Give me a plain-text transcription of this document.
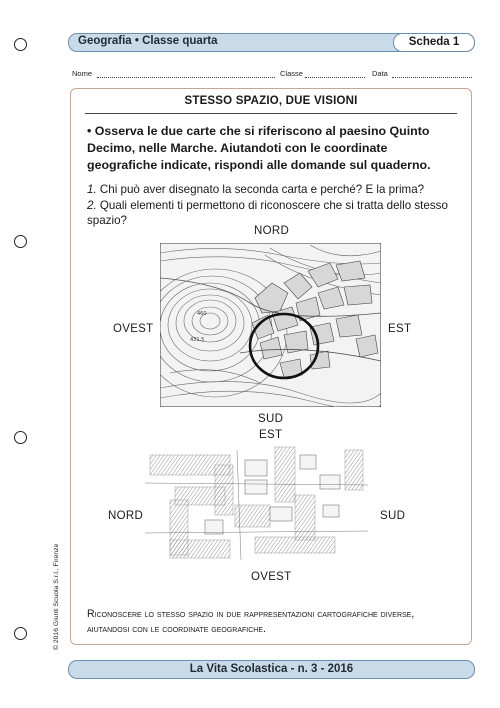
Geografia • Classe quarta	Scheda 1
Nome	Classe	Data
STESSO SPAZIO, DUE VISIONI
• Osserva le due carte che si riferiscono al paesino Quinto Decimo, nelle Marche. Aiutandoti con le coordinate geografiche indicate, rispondi alle domande sul quaderno.
1. Chi può aver disegnato la seconda carta e perché? E la prima?
2. Quali elementi ti permettono di riconoscere che si tratta dello stesso spazio?
Riconoscere lo stesso spazio in due rappresentazioni cartografiche diverse, aiutandosi con le coordinate geografiche.
NORD
OVEST	EST
SUD
460
431.5
EST
NORD	SUD
OVEST
La Vita Scolastica - n. 3 - 2016
© 2016 Giunti Scuola S.r.l., Firenze
